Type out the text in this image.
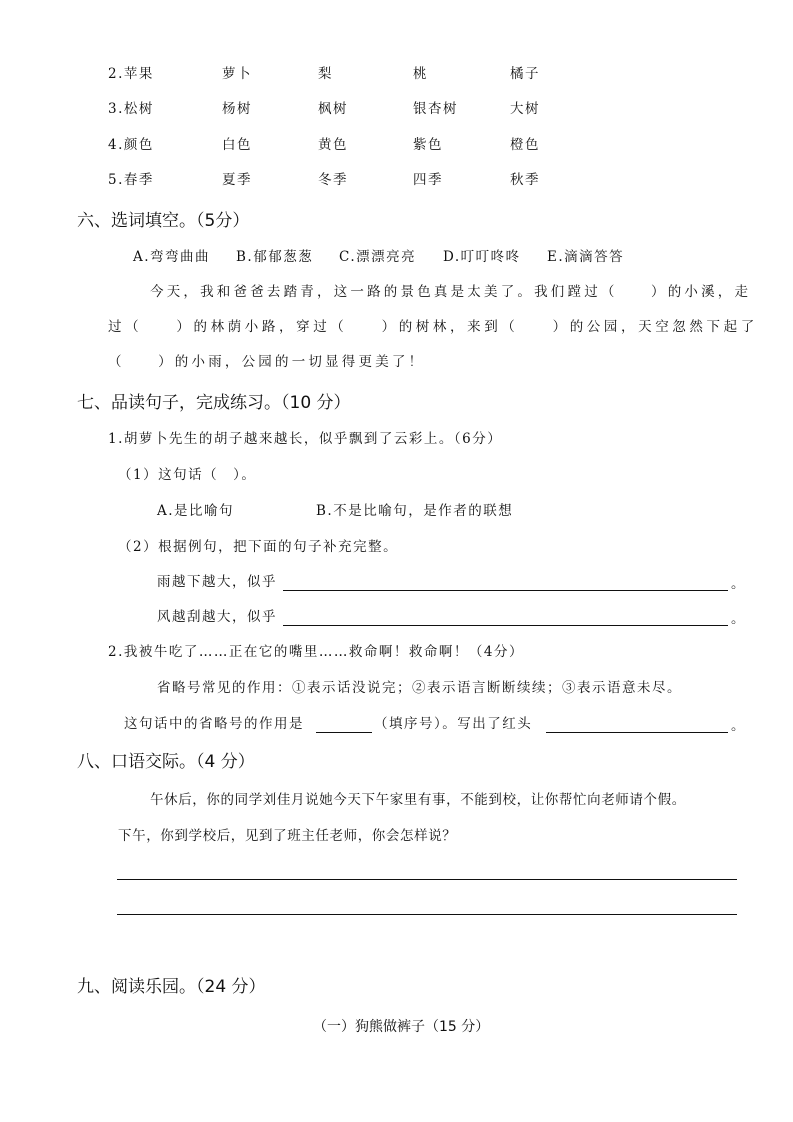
2.苹果	萝卜	梨	桃	橘子
3.松树	杨树	枫树	银杏树	大树
4.颜色	白色	黄色	紫色	橙色
5.春季	夏季	冬季	四季	秋季
六、选词填空。（5分）
A.弯弯曲曲 B.郁郁葱葱 C.漂漂亮亮 D.叮叮咚咚 E.滴滴答答
今天，我和爸爸去踏青，这一路的景色真是太美了。我们蹚过（　　）的小溪，走
过（　　）的林荫小路，穿过（　　）的树林，来到（　　）的公园，天空忽然下起了
（　　）的小雨，公园的一切显得更美了！
七、品读句子，完成练习。（10 分）
1.胡萝卜先生的胡子越来越长，似乎飘到了云彩上。（6分）
（1）这句话（　）。
A.是比喻句	B.不是比喻句，是作者的联想
（2）根据例句，把下面的句子补充完整。
雨越下越大，似乎	。
风越刮越大，似乎	。
2.我被牛吃了……正在它的嘴里……救命啊！救命啊！（4分）
省略号常见的作用：①表示话没说完；②表示语言断断续续；③表示语意未尽。
这句话中的省略号的作用是	（填序号）。写出了红头	。
八、口语交际。（4 分）
午休后，你的同学刘佳月说她今天下午家里有事，不能到校，让你帮忙向老师请个假。
下午，你到学校后，见到了班主任老师，你会怎样说？
九、阅读乐园。（24 分）
（一）狗熊做裤子（15 分）
